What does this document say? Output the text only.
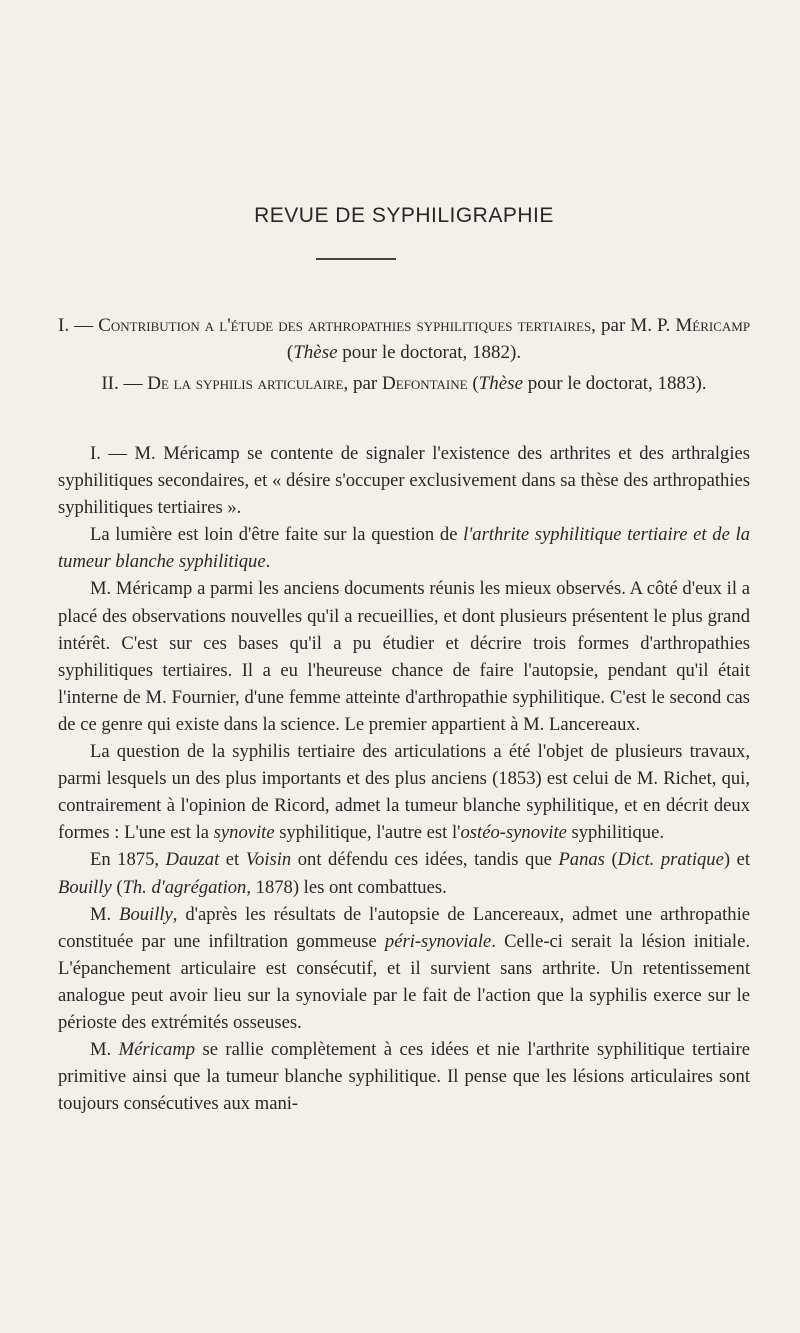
REVUE DE SYPHILIGRAPHIE

I. — Contribution a l'étude des arthropathies syphilitiques tertiaires, par M. P. Méricamp (Thèse pour le doctorat, 1882).

II. — De la syphilis articulaire, par Defontaine (Thèse pour le doctorat, 1883).

I. — M. Méricamp se contente de signaler l'existence des arthrites et des arthralgies syphilitiques secondaires, et « désire s'occuper exclusivement dans sa thèse des arthropathies syphilitiques tertiaires ».

La lumière est loin d'être faite sur la question de l'arthrite syphilitique tertiaire et de la tumeur blanche syphilitique.

M. Méricamp a parmi les anciens documents réunis les mieux observés. A côté d'eux il a placé des observations nouvelles qu'il a recueillies, et dont plusieurs présentent le plus grand intérêt. C'est sur ces bases qu'il a pu étudier et décrire trois formes d'arthropathies syphilitiques tertiaires. Il a eu l'heureuse chance de faire l'autopsie, pendant qu'il était l'interne de M. Fournier, d'une femme atteinte d'arthropathie syphilitique. C'est le second cas de ce genre qui existe dans la science. Le premier appartient à M. Lancereaux.

La question de la syphilis tertiaire des articulations a été l'objet de plusieurs travaux, parmi lesquels un des plus importants et des plus anciens (1853) est celui de M. Richet, qui, contrairement à l'opinion de Ricord, admet la tumeur blanche syphilitique, et en décrit deux formes : L'une est la synovite syphilitique, l'autre est l'ostéo-synovite syphilitique.

En 1875, Dauzat et Voisin ont défendu ces idées, tandis que Panas (Dict. pratique) et Bouilly (Th. d'agrégation, 1878) les ont combattues.

M. Bouilly, d'après les résultats de l'autopsie de Lancereaux, admet une arthropathie constituée par une infiltration gommeuse péri-synoviale. Celle-ci serait la lésion initiale. L'épanchement articulaire est consécutif, et il survient sans arthrite. Un retentissement analogue peut avoir lieu sur la synoviale par le fait de l'action que la syphilis exerce sur le périoste des extrémités osseuses.

M. Méricamp se rallie complètement à ces idées et nie l'arthrite syphilitique tertiaire primitive ainsi que la tumeur blanche syphilitique. Il pense que les lésions articulaires sont toujours consécutives aux mani-
